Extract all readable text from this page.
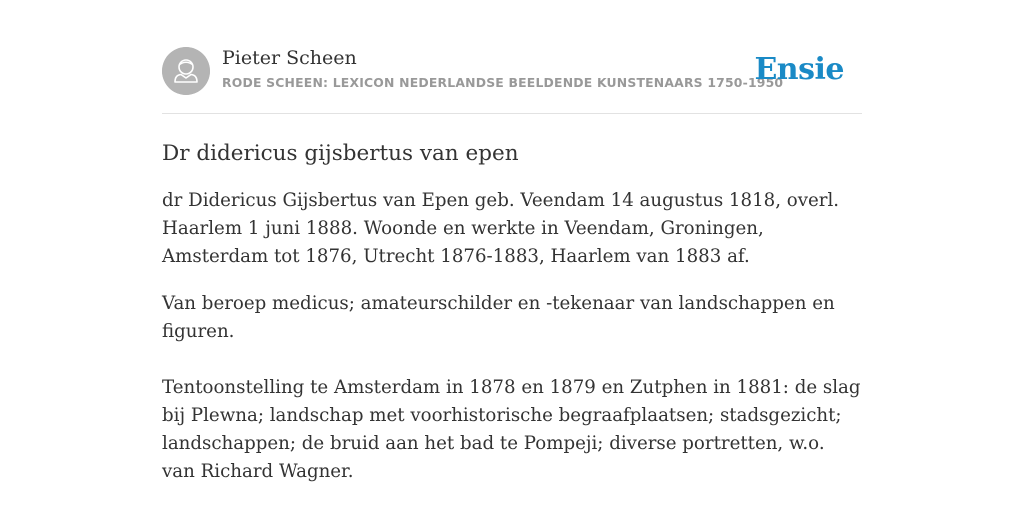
Pieter Scheen
RODE SCHEEN: LEXICON NEDERLANDSE BEELDENDE KUNSTENAARS 1750-1950
Ensie
Dr didericus gijsbertus van epen

dr Didericus Gijsbertus van Epen geb. Veendam 14 augustus 1818, overl. Haarlem 1 juni 1888. Woonde en werkte in Veendam, Groningen, Amsterdam tot 1876, Utrecht 1876-1883, Haarlem van 1883 af.

Van beroep medicus; amateurschilder en -tekenaar van landschappen en figuren.

Tentoonstelling te Amsterdam in 1878 en 1879 en Zutphen in 1881: de slag bij Plewna; landschap met voorhistorische begraafplaatsen; stadsgezicht; landschappen; de bruid aan het bad te Pompeji; diverse portretten, w.o. van Richard Wagner.
